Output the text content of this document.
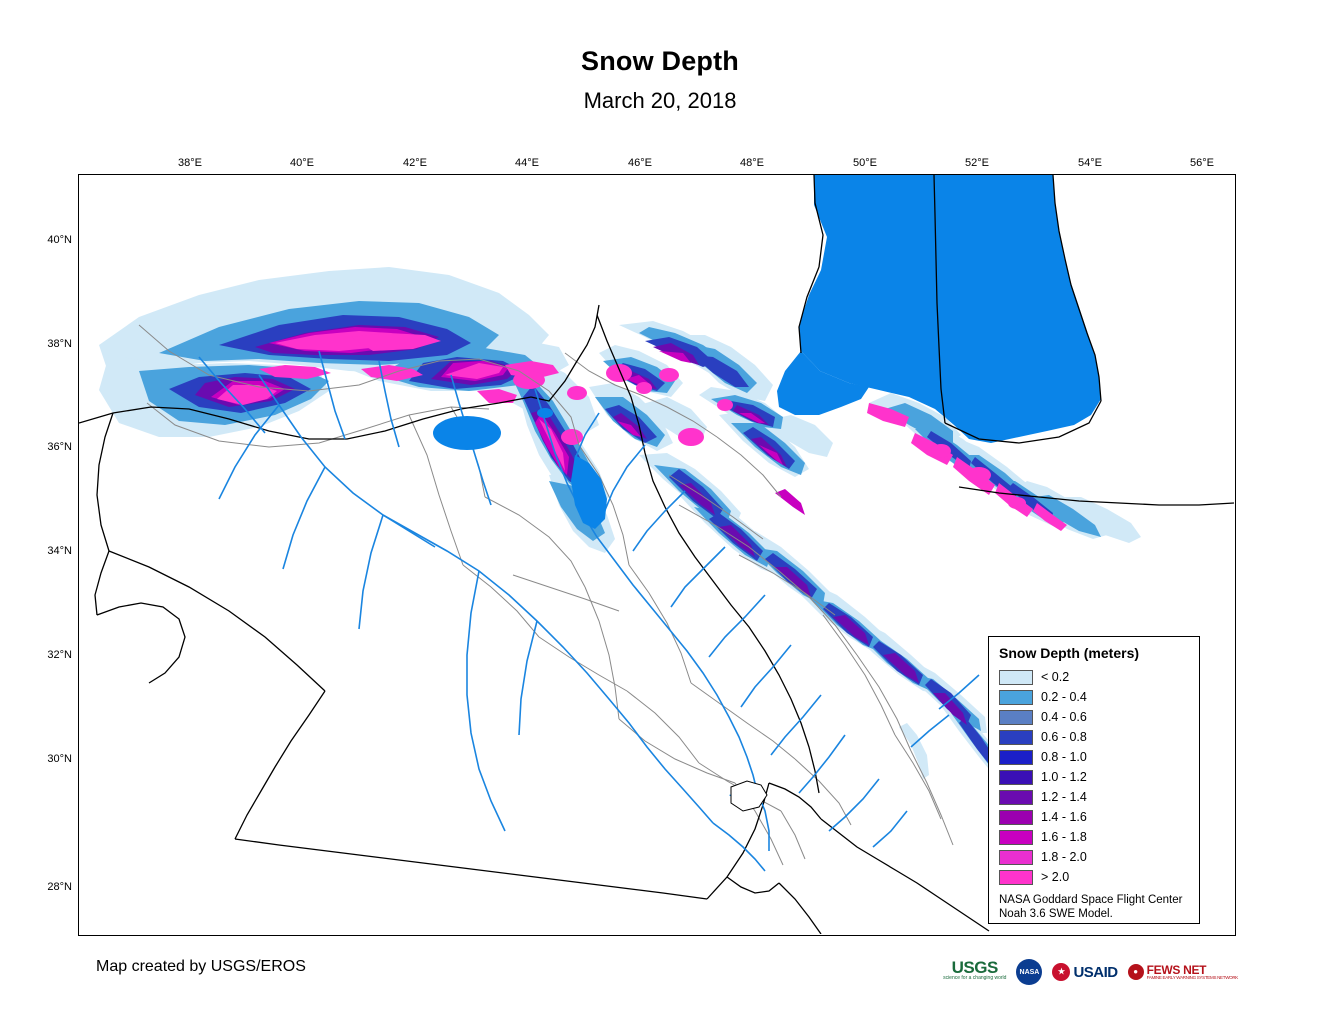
Snow Depth
March 20, 2018
38°E	40°E	42°E	44°E	46°E	48°E	50°E	52°E	54°E	56°E
40°N
38°N
36°N
34°N
32°N
30°N
28°N
Snow Depth (meters)
< 0.2
0.2 - 0.4
0.4 - 0.6
0.6 - 0.8
0.8 - 1.0
1.0 - 1.2
1.2 - 1.4
1.4 - 1.6
1.6 - 1.8
1.8 - 2.0
> 2.0
NASA Goddard Space Flight Center
Noah 3.6 SWE Model.
Map created by USGS/EROS	USGS
science for a changing world
NASA	★ USAID	● FEWS NET
FAMINE EARLY WARNING SYSTEMS NETWORK
